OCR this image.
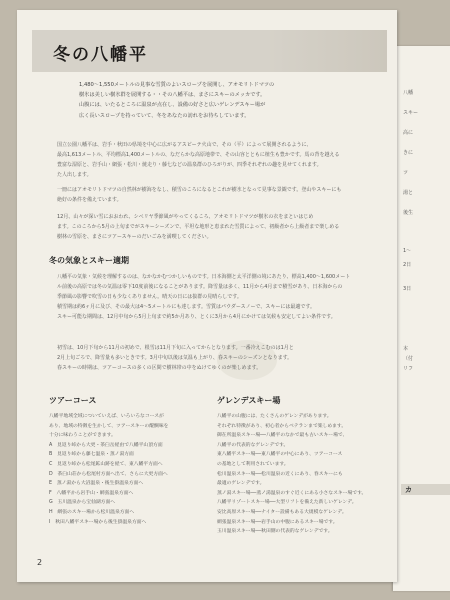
八幡
スキー
高に
きに
ツ
湯と
後生
1～
2日
3日
本
（付
リフ
カ
冬の八幡平

1,480～1,550メートルの見事な雪質のよいスロープを展開し、アオモリトドマツの

樹氷は美しい樹氷群を展開する・・その八幡平は、まさにスキーのメッカです。

山腹には、いたるところに温泉が点在し、設備の好さと広いゲレンデスキー場が

広く長いスロープを持っていて、冬をあなたの訪れをお待ちしています。

国立公園八幡平は、岩手・秋田の県境を中心に広がるアスピーテ火山で、その（平）によって展開されるように、

最高1,613メートル、平均標高1,400メートルの、なだらかな高原地帯で、その山容とともに植生も豊かです。馬の背を越える

豊富な湿原と、岩手山・網張・松川・焼走り・藤七などの温泉群のひろがりが、四季それぞれの趣を見せてくれます。

た人出します。

一冊にはアオモリトドマツの自然林が樹海をなし、積雪のころになるとこれが樹氷となって見事な景観です。登山やスキーにも

絶好の条件を備えています。

12月、山々が深い雪におおわれ、シベリヤ季節風がやってくるころ、アオモリトドマツが樹氷の衣をまといはじめ

ます。このころから5月の上旬までがスキーシーズンで、平坦な地形と恵まれた雪質によって、初級者から上級者まで楽しめる

樹林の雪原を、まさにツアースキーのだいごみを満喫してください。

冬の気象とスキー適期

八幡平の気象・気候を理解するのは、なかなかむつかしいものです。日本海側と太平洋側の境にあたり、標高1,400～1,600メート

ル前後の高原では冬の気温は零下10度前後になることがあります。降雪量は多く、11月から4月まで積雪があり、日本海からの

季節風の影響で吹雪の日も少なくありません。晴天の日には抜群の見晴らしです。

積雪期は約6ヶ月に及び、その最大は4～5メートルにも達します。雪質はパウダースノーで、スキーには最適です。

スキー可能な期間は、12月中旬から5月上旬まで約5か月あり、とくに3月から4月にかけては気候も安定してよい条件です。

初雪は、10月下旬から11月の初めで、根雪は11月下旬に入ってからとなります。一番冷えこむのは1月と

2月上旬ごろで、降雪量も多いときです。3月中旬以後は気温も上がり、春スキーのシーズンとなります。

春スキーの時期は、ツアーコースの多くの区間で樹林帯の中をぬけてゆくのが楽しめます。

ツアーコース

八幡平地域全域についていえば、いろいろなコースが

あり、地域の特徴を生かして、ツアースキーの醍醐味を

十分に味わうことができます。

A　見返り峠から大更・茶臼岳経由で八幡平山頂方面

B　見返り峠から藤七温泉・蒸ノ湯方面

C　見返り峠から松尾鉱山跡を経て、東八幡平方面へ

D　茶臼山荘から松尾村方面へ出て、さらに大更方面へ

E　蒸ノ湯から大沼温泉・後生掛温泉方面へ

F　八幡平から岩手山・網張温泉方面へ

G　玉川温泉から宝仙湖方面へ

H　網張のスキー場から松川温泉方面へ

I　秋田八幡平スキー場から後生掛温泉方面へ

ゲレンデスキー場

八幡平の山腹には、たくさんのゲレンデがあります。

それぞれ特徴があり、初心者からベテランまで楽しめます。

御在所温泉スキー場──八幡平のなかで最も古いスキー場で、

八幡平の代表的なゲレンデです。

東八幡平スキー場──東八幡平の中心にあり、ツアーコース

の基地として利用されています。

松川温泉スキー場──松川温泉の近くにあり、春スキーにも

最適のゲレンデです。

蒸ノ湯スキー場──蒸ノ湯温泉のすぐ近くにある小さなスキー場です。

八幡平リゾートスキー場──大型リフトを備えた新しいゲレンデ。

安比高原スキー場──ナイター設備もある大規模なゲレンデ。

網張温泉スキー場──岩手山の中腹にあるスキー場です。

玉川温泉スキー場──秋田側の代表的なゲレンデです。

2
